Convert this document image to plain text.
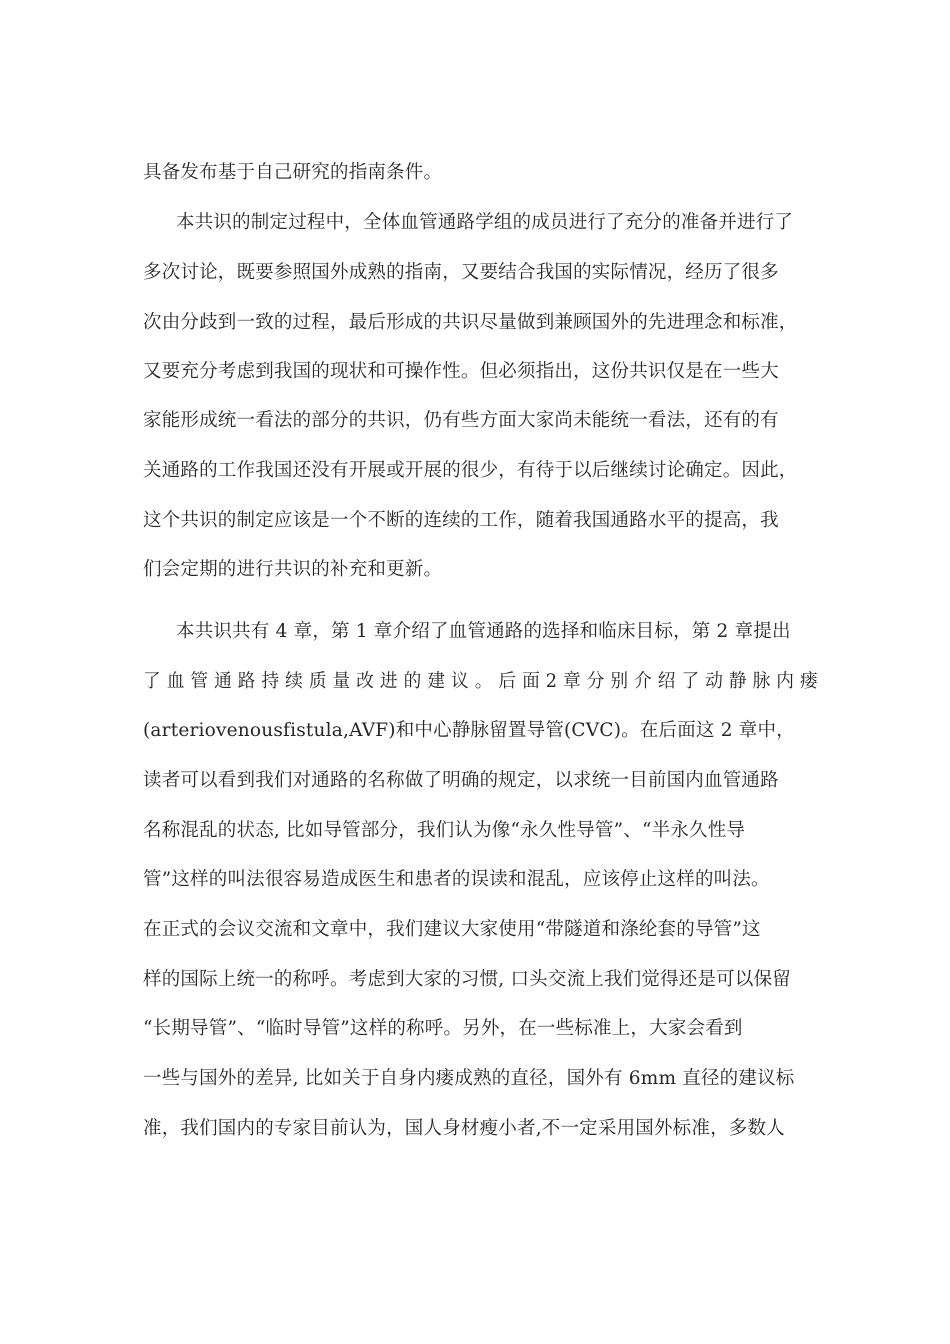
具备发布基于自己研究的指南条件。
本共识的制定过程中，全体血管通路学组的成员进行了充分的准备并进行了
多次讨论，既要参照国外成熟的指南，又要结合我国的实际情况，经历了很多
次由分歧到一致的过程，最后形成的共识尽量做到兼顾国外的先进理念和标准，
又要充分考虑到我国的现状和可操作性。但必须指出，这份共识仅是在一些大
家能形成统一看法的部分的共识，仍有些方面大家尚未能统一看法，还有的有
关通路的工作我国还没有开展或开展的很少，有待于以后继续讨论确定。因此，
这个共识的制定应该是一个不断的连续的工作，随着我国通路水平的提高，我
们会定期的进行共识的补充和更新。
本共识共有 4 章，第 1 章介绍了血管通路的选择和临床目标，第 2 章提出
了 血 管 通 路 持 续 质 量 改 进 的 建 议 。 后 面 2 章 分 别 介 绍 了 动 静 脉 内 瘘
(arteriovenousfistula,AVF)和中心静脉留置导管(CVC)。在后面这 2 章中，
读者可以看到我们对通路的名称做了明确的规定，以求统一目前国内血管通路
名称混乱的状态, 比如导管部分，我们认为像“永久性导管”、“半永久性导
管”这样的叫法很容易造成医生和患者的误读和混乱，应该停止这样的叫法。
在正式的会议交流和文章中，我们建议大家使用“带隧道和涤纶套的导管”这
样的国际上统一的称呼。考虑到大家的习惯, 口头交流上我们觉得还是可以保留
“长期导管”、“临时导管”这样的称呼。另外，在一些标准上，大家会看到
一些与国外的差异, 比如关于自身内瘘成熟的直径，国外有 6mm 直径的建议标
准，我们国内的专家目前认为，国人身材瘦小者,不一定采用国外标准，多数人
